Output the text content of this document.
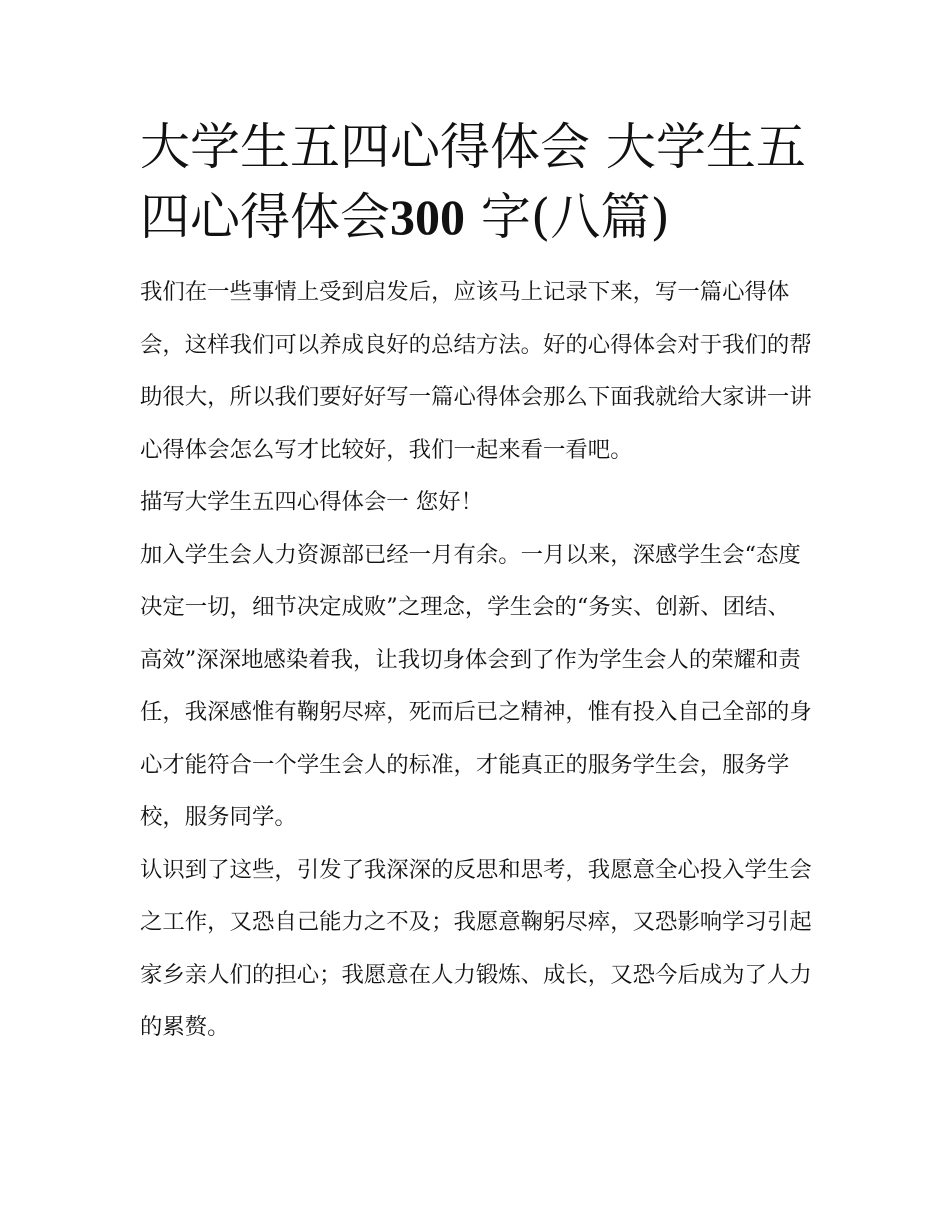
大学生五四心得体会 大学生五四心得体会300 字(八篇)

我们在一些事情上受到启发后，应该马上记录下来，写一篇心得体会，这样我们可以养成良好的总结方法。好的心得体会对于我们的帮助很大，所以我们要好好写一篇心得体会那么下面我就给大家讲一讲心得体会怎么写才比较好，我们一起来看一看吧。

描写大学生五四心得体会一 您好！

加入学生会人力资源部已经一月有余。一月以来，深感学生会“态度决定一切，细节决定成败”之理念，学生会的“务实、创新、团结、高效”深深地感染着我，让我切身体会到了作为学生会人的荣耀和责任，我深感惟有鞠躬尽瘁，死而后已之精神，惟有投入自己全部的身心才能符合一个学生会人的标准，才能真正的服务学生会，服务学校，服务同学。

认识到了这些，引发了我深深的反思和思考，我愿意全心投入学生会之工作，又恐自己能力之不及；我愿意鞠躬尽瘁，又恐影响学习引起家乡亲人们的担心；我愿意在人力锻炼、成长，又恐今后成为了人力的累赘。
